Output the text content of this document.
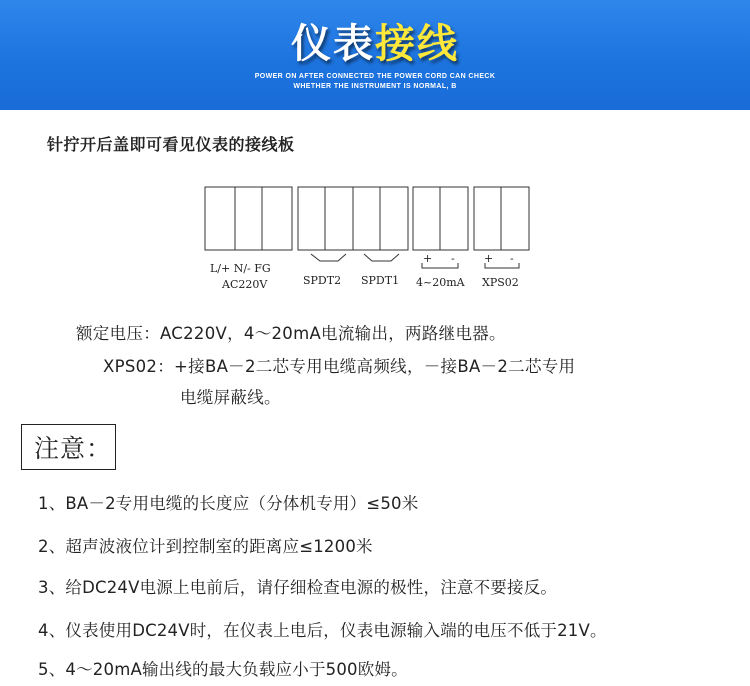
仪表接线
POWER ON AFTER CONNECTED THE POWER CORD CAN CHECK
WHETHER THE INSTRUMENT IS NORMAL, B
针拧开后盖即可看见仪表的接线板
L/+ N/- FG
AC220V	SPDT2 SPDT1
+ -
4~20mA
+ -
XPS02
额定电压：AC220V，4～20mA电流输出，两路继电器。
XPS02：+接BA－2二芯专用电缆高频线，－接BA－2二芯专用
电缆屏蔽线。
注意：
1、BA－2专用电缆的长度应（分体机专用）≤50米
2、超声波液位计到控制室的距离应≤1200米
3、给DC24V电源上电前后，请仔细检查电源的极性，注意不要接反。
4、仪表使用DC24V时，在仪表上电后，仪表电源输入端的电压不低于21V。
5、4～20mA输出线的最大负载应小于500欧姆。
